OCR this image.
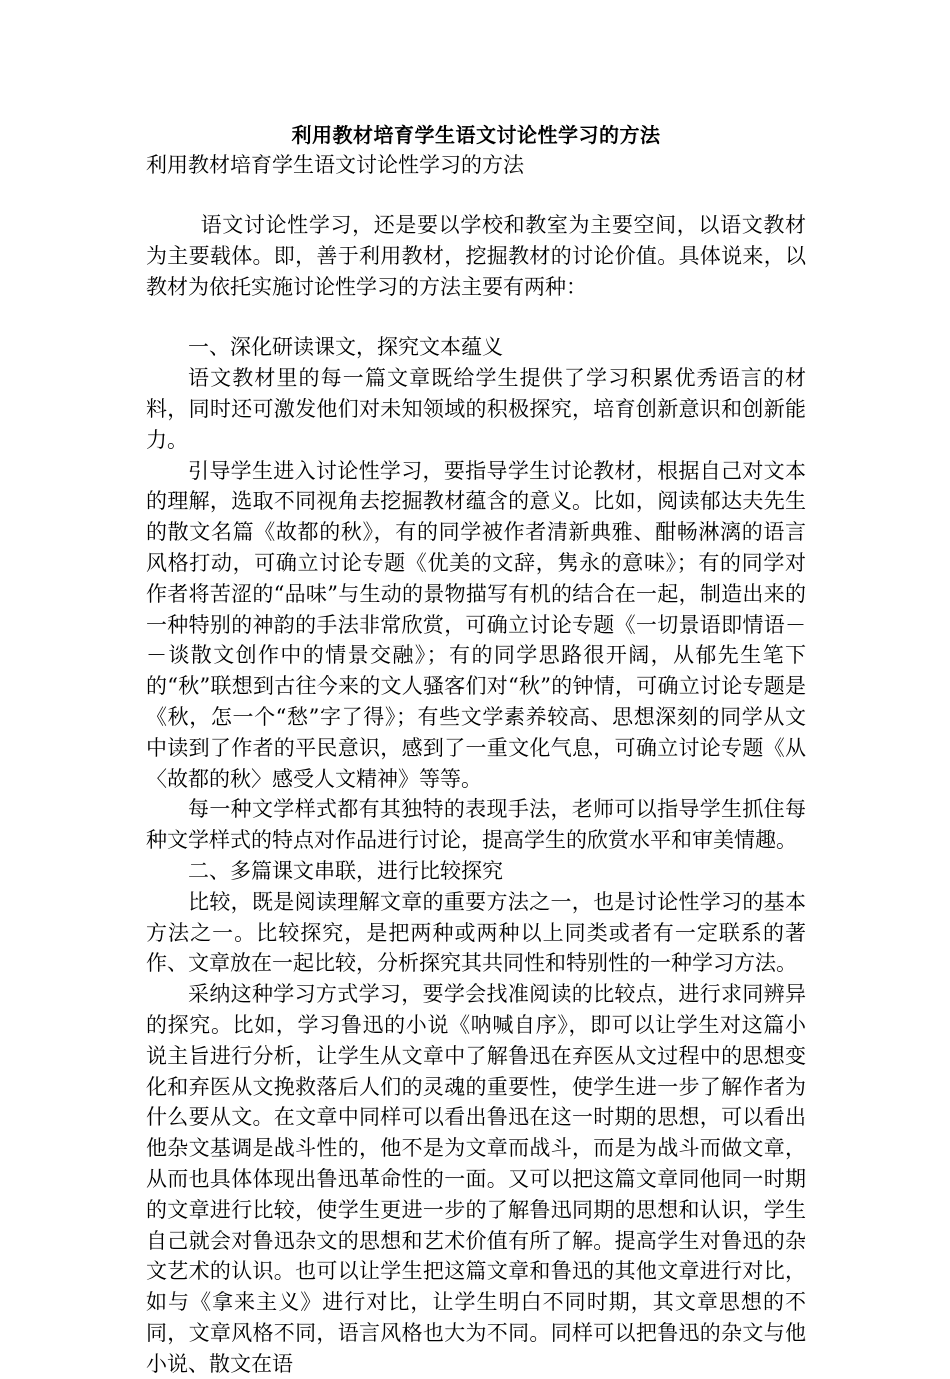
利用教材培育学生语文讨论性学习的方法

利用教材培育学生语文讨论性学习的方法

语文讨论性学习，还是要以学校和教室为主要空间，以语文教材为主要载体。即，善于利用教材，挖掘教材的讨论价值。具体说来，以教材为依托实施讨论性学习的方法主要有两种：

一、深化研读课文，探究文本蕴义

语文教材里的每一篇文章既给学生提供了学习积累优秀语言的材料，同时还可激发他们对未知领域的积极探究，培育创新意识和创新能力。

引导学生进入讨论性学习，要指导学生讨论教材，根据自己对文本的理解，选取不同视角去挖掘教材蕴含的意义。比如，阅读郁达夫先生的散文名篇《故都的秋》，有的同学被作者清新典雅、酣畅淋漓的语言风格打动，可确立讨论专题《优美的文辞，隽永的意味》；有的同学对作者将苦涩的“品味”与生动的景物描写有机的结合在一起，制造出来的一种特别的神韵的手法非常欣赏，可确立讨论专题《一切景语即情语－－谈散文创作中的情景交融》；有的同学思路很开阔，从郁先生笔下的“秋”联想到古往今来的文人骚客们对“秋”的钟情，可确立讨论专题是《秋，怎一个“愁”字了得》；有些文学素养较高、思想深刻的同学从文中读到了作者的平民意识，感到了一重文化气息，可确立讨论专题《从〈故都的秋〉感受人文精神》等等。

每一种文学样式都有其独特的表现手法，老师可以指导学生抓住每种文学样式的特点对作品进行讨论，提高学生的欣赏水平和审美情趣。

二、多篇课文串联，进行比较探究

比较，既是阅读理解文章的重要方法之一，也是讨论性学习的基本方法之一。比较探究，是把两种或两种以上同类或者有一定联系的著作、文章放在一起比较，分析探究其共同性和特别性的一种学习方法。

采纳这种学习方式学习，要学会找准阅读的比较点，进行求同辨异的探究。比如，学习鲁迅的小说《呐喊自序》，即可以让学生对这篇小说主旨进行分析，让学生从文章中了解鲁迅在弃医从文过程中的思想变化和弃医从文挽救落后人们的灵魂的重要性，使学生进一步了解作者为什么要从文。在文章中同样可以看出鲁迅在这一时期的思想，可以看出他杂文基调是战斗性的，他不是为文章而战斗，而是为战斗而做文章，从而也具体体现出鲁迅革命性的一面。又可以把这篇文章同他同一时期的文章进行比较，使学生更进一步的了解鲁迅同期的思想和认识，学生自己就会对鲁迅杂文的思想和艺术价值有所了解。提高学生对鲁迅的杂文艺术的认识。也可以让学生把这篇文章和鲁迅的其他文章进行对比，如与《拿来主义》进行对比，让学生明白不同时期，其文章思想的不同，文章风格不同，语言风格也大为不同。同样可以把鲁迅的杂文与他小说、散文在语
